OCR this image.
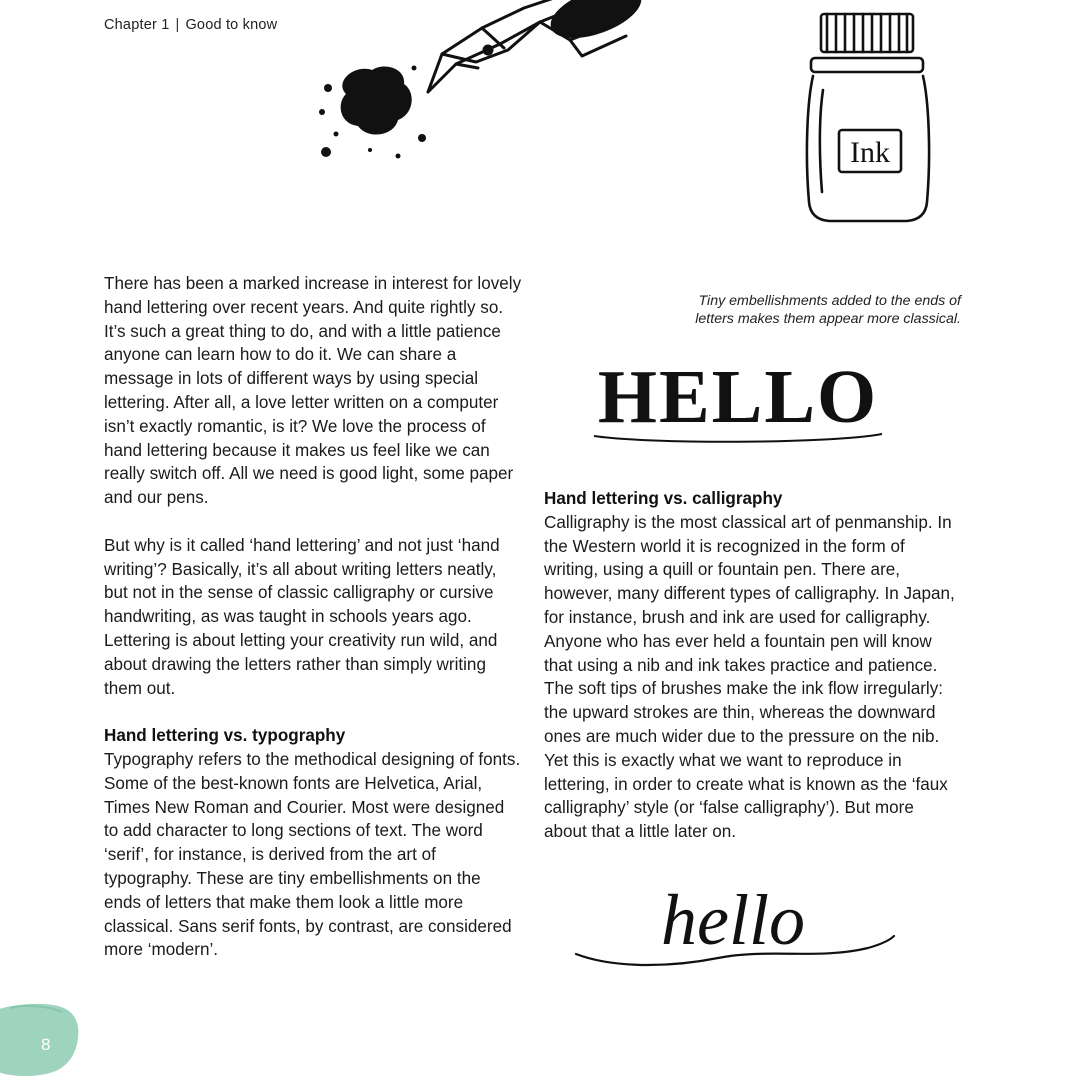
Chapter 1 | Good to know
Ink

There has been a marked increase in interest for lovely hand lettering over recent years. And quite rightly so. It’s such a great thing to do, and with a little patience anyone can learn how to do it. We can share a message in lots of different ways by using special lettering. After all, a love letter written on a computer isn’t exactly romantic, is it? We love the process of hand lettering because it makes us feel like we can really switch off. All we need is good light, some paper and our pens.

But why is it called ‘hand lettering’ and not just ‘hand writing’? Basically, it’s all about writing letters neatly, but not in the sense of classic calligraphy or cursive handwriting, as was taught in schools years ago. Lettering is about letting your creativity run wild, and about drawing the letters rather than simply writing them out.

Hand lettering vs. typography

Typography refers to the methodical designing of fonts. Some of the best-known fonts are Helvetica, Arial, Times New Roman and Courier. Most were designed to add character to long sections of text. The word ‘serif’, for instance, is derived from the art of typography. These are tiny embellishments on the ends of letters that make them look a little more classical. Sans serif fonts, by contrast, are considered more ‘modern’.

Tiny embellishments added to the ends of letters makes them appear more classical.
HELLO
Hand lettering vs. calligraphy

Calligraphy is the most classical art of penmanship. In the Western world it is recognized in the form of writing, using a quill or fountain pen. There are, however, many different types of calligraphy. In Japan, for instance, brush and ink are used for calligraphy. Anyone who has ever held a fountain pen will know that using a nib and ink takes practice and patience. The soft tips of brushes make the ink flow irregularly: the upward strokes are thin, whereas the downward ones are much wider due to the pressure on the nib. Yet this is exactly what we want to reproduce in lettering, in order to create what is known as the ‘faux calligraphy’ style (or ‘false calligraphy’). But more about that a little later on.

hello
8
